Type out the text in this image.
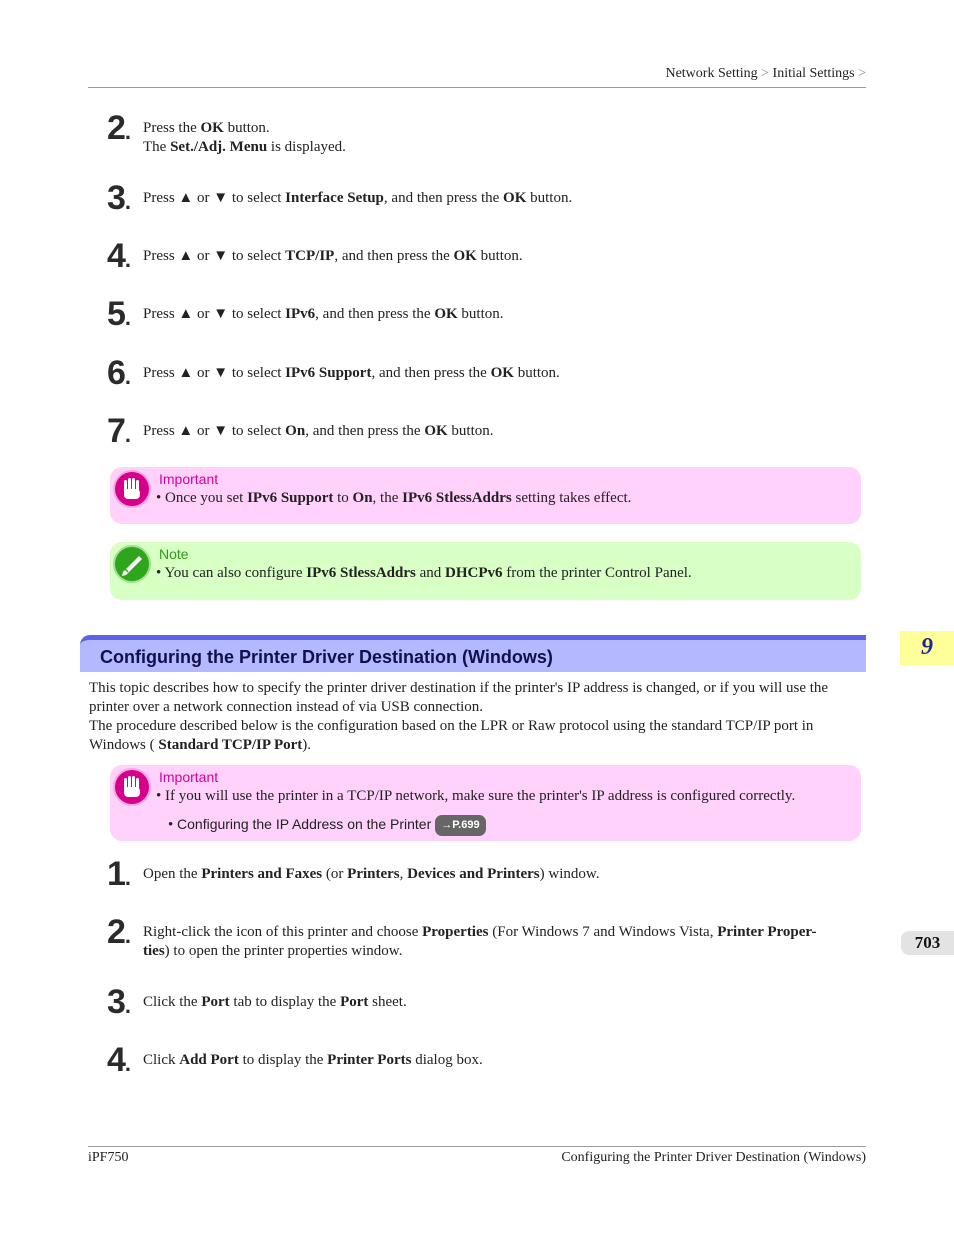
Network Setting > Initial Settings >
2. Press the OK button.
The Set./Adj. Menu is displayed.
3. Press ▲ or ▼ to select Interface Setup, and then press the OK button.
4. Press ▲ or ▼ to select TCP/IP, and then press the OK button.
5. Press ▲ or ▼ to select IPv6, and then press the OK button.
6. Press ▲ or ▼ to select IPv6 Support, and then press the OK button.
7. Press ▲ or ▼ to select On, and then press the OK button.
Important
• Once you set IPv6 Support to On, the IPv6 StlessAddrs setting takes effect.
Note
• You can also configure IPv6 StlessAddrs and DHCPv6 from the printer Control Panel.
Configuring the Printer Driver Destination (Windows)	9
This topic describes how to specify the printer driver destination if the printer's IP address is changed, or if you will use the printer over a network connection instead of via USB connection.
The procedure described below is the configuration based on the LPR or Raw protocol using the standard TCP/IP port in Windows ( Standard TCP/IP Port).
Important
• If you will use the printer in a TCP/IP network, make sure the printer's IP address is configured correctly.
• Configuring the IP Address on the Printer →P.699
1. Open the Printers and Faxes (or Printers, Devices and Printers) window.
2. Right-click the icon of this printer and choose Properties (For Windows 7 and Windows Vista, Printer Proper-
ties) to open the printer properties window.
3. Click the Port tab to display the Port sheet.
4. Click Add Port to display the Printer Ports dialog box.
703
iPF750	Configuring the Printer Driver Destination (Windows)
